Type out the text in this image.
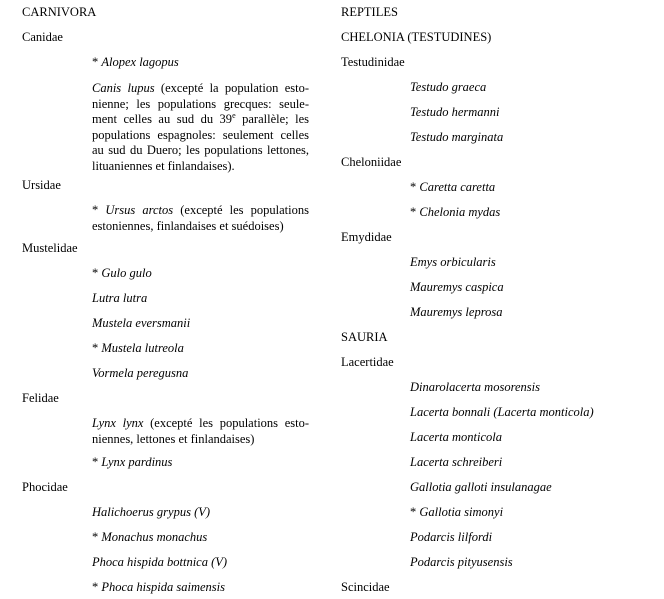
CARNIVORA
Canidae
* Alopex lagopus
Canis lupus (excepté la population esto- nienne; les populations grecques: seule- ment celles au sud du 39e parallèle; les populations espagnoles: seulement celles au sud du Duero; les populations lettones, lituaniennes et finlandaises).
Ursidae
* Ursus arctos (excepté les populations estoniennes, finlandaises et suédoises)
Mustelidae
* Gulo gulo
Lutra lutra
Mustela eversmanii
* Mustela lutreola
Vormela peregusna
Felidae
Lynx lynx (excepté les populations esto- niennes, lettones et finlandaises)
* Lynx pardinus
Phocidae
Halichoerus grypus (V)
* Monachus monachus
Phoca hispida bottnica (V)
* Phoca hispida saimensis
REPTILES
CHELONIA (TESTUDINES)
Testudinidae
Testudo graeca
Testudo hermanni
Testudo marginata
Cheloniidae
* Caretta caretta
* Chelonia mydas
Emydidae
Emys orbicularis
Mauremys caspica
Mauremys leprosa
SAURIA
Lacertidae
Dinarolacerta mosorensis
Lacerta bonnali (Lacerta monticola)
Lacerta monticola
Lacerta schreiberi
Gallotia galloti insulanagae
* Gallotia simonyi
Podarcis lilfordi
Podarcis pityusensis
Scincidae
